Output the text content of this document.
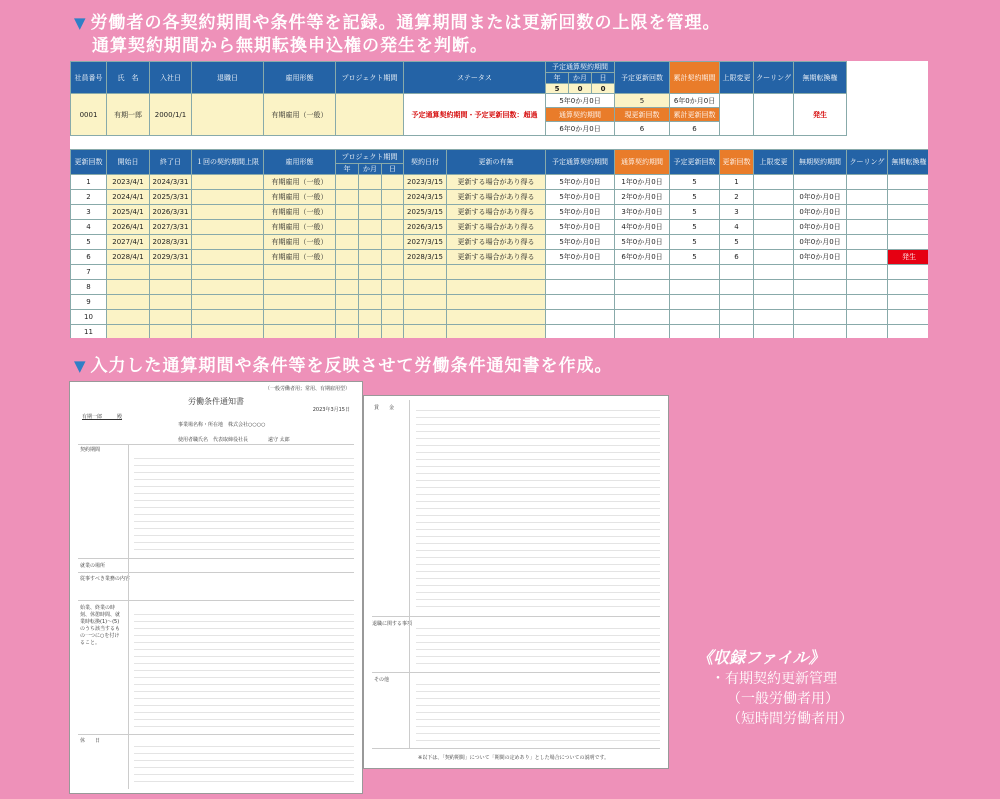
▼ 労働者の各契約期間や条件等を記録。通算期間または更新回数の上限を管理。
通算契約期間から無期転換申込権の発生を判断。
社員番号	氏　名	入社日	退職日	雇用形態	プロジェクト期間	ステータス	予定通算契約期間			予定更新回数	累計契約期間	上限変更	クーリング	無期転換権
							年	か月	日					
							5	0	0					
0001	有期一郎	2000/1/1		有期雇用（一般）		予定通算契約期間・予定更新回数：超過	5年0か月0日			5	6年0か月0日			発生
							通算契約期間			現更新回数	累計更新回数			
							6年0か月0日			6	6			
更新回数	開始日	終了日	１回の契約期間上限	雇用形態	プロジェクト期間			契約日付	更新の有無	予定通算契約期間	通算契約期間	予定更新回数	更新回数	上限変更	無期契約期間	クーリング	無期転換権
					年	か月	日										
1	2023/4/1	2024/3/31		有期雇用（一般）				2023/3/15	更新する場合があり得る	5年0か月0日	1年0か月0日	5	1				
2	2024/4/1	2025/3/31		有期雇用（一般）				2024/3/15	更新する場合があり得る	5年0か月0日	2年0か月0日	5	2		0年0か月0日		
3	2025/4/1	2026/3/31		有期雇用（一般）				2025/3/15	更新する場合があり得る	5年0か月0日	3年0か月0日	5	3		0年0か月0日		
4	2026/4/1	2027/3/31		有期雇用（一般）				2026/3/15	更新する場合があり得る	5年0か月0日	4年0か月0日	5	4		0年0か月0日		
5	2027/4/1	2028/3/31		有期雇用（一般）				2027/3/15	更新する場合があり得る	5年0か月0日	5年0か月0日	5	5		0年0か月0日		
6	2028/4/1	2029/3/31		有期雇用（一般）				2028/3/15	更新する場合があり得る	5年0か月0日	6年0か月0日	5	6		0年0か月0日		発生
7																	
8																	
9																	
10																	
11																	
▼ 入力した通算期間や条件等を反映させて労働条件通知書を作成。
（一般労働者用；常用、有期雇用型）
労働条件通知書
2023年3月15日
有期一郎　　　殿
事業場名称・所在地　株式会社○○○○
使用者職氏名　代表取締役社長　　　　遠守 太郎
契約期間
就業の場所
従事すべき業務の内容
始業、終業の時刻、休憩時間、就業時転換(1)～(5)のうち該当するもの一つに○を付けること。
休　　日
賃　　金
退職に関する事項
その他
※以下は、「契約期間」について「期間の定めあり」とした場合についての説明です。
《収録ファイル》
・有期契約更新管理
（一般労働者用）
（短時間労働者用）
